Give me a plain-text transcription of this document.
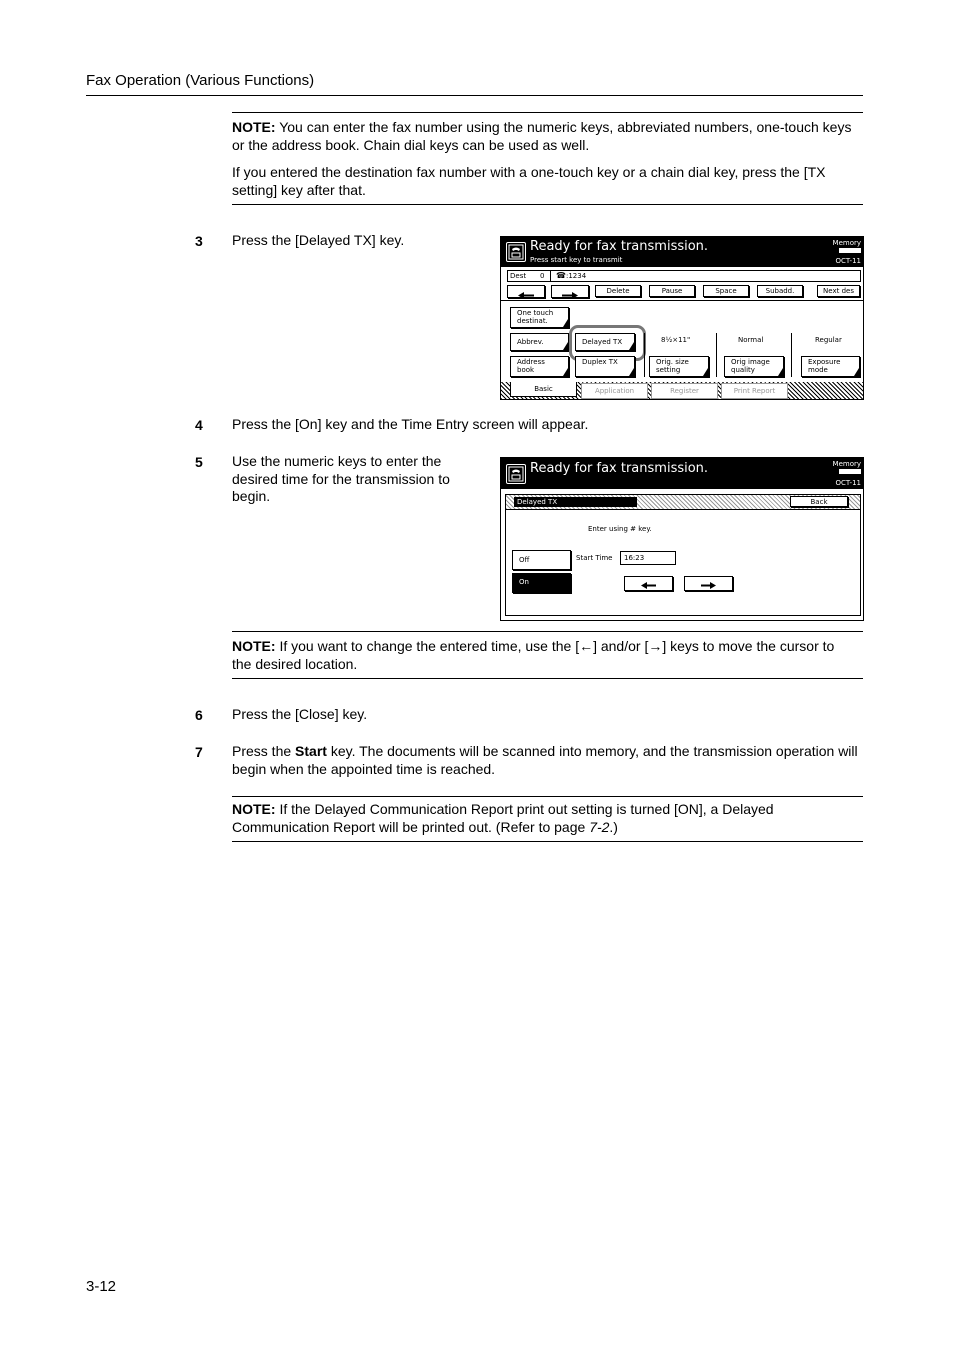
Fax Operation (Various Functions)
NOTE: You can enter the fax number using the numeric keys, abbreviated numbers, one-touch keys or the address book. Chain dial keys can be used as well.
If you entered the destination fax number with a one-touch key or a chain dial key, press the [TX setting] key after that.
3 Press the [Delayed TX] key.	Ready for fax transmission.
Press start key to transmit
Memory
OCT-11
Dest 0 ☎ :1234
Delete	Pause	Space	Subadd.	Next des
One touch destinat.
Abbrev.	Delayed TX
Address book
Duplex TX
8½×11"	Normal	Regular
Orig. size setting
Orig image quality
Exposure mode
Basic	Application	Register	Print Report
4 Press the [On] key and the Time Entry screen will appear.
5 Use the numeric keys to enter the desired time for the transmission to begin.
Ready for fax transmission.	Memory
OCT-11
Delayed TX	Back
Enter using # key.
Off
On
Start Time	16:23
NOTE: If you want to change the entered time, use the [←] and/or [→] keys to move the cursor to the desired location.
6 Press the [Close] key.
7 Press the Start key. The documents will be scanned into memory, and the transmission operation will begin when the appointed time is reached.
NOTE: If the Delayed Communication Report print out setting is turned [ON], a Delayed Communication Report will be printed out. (Refer to page 7-2.)
3-12
